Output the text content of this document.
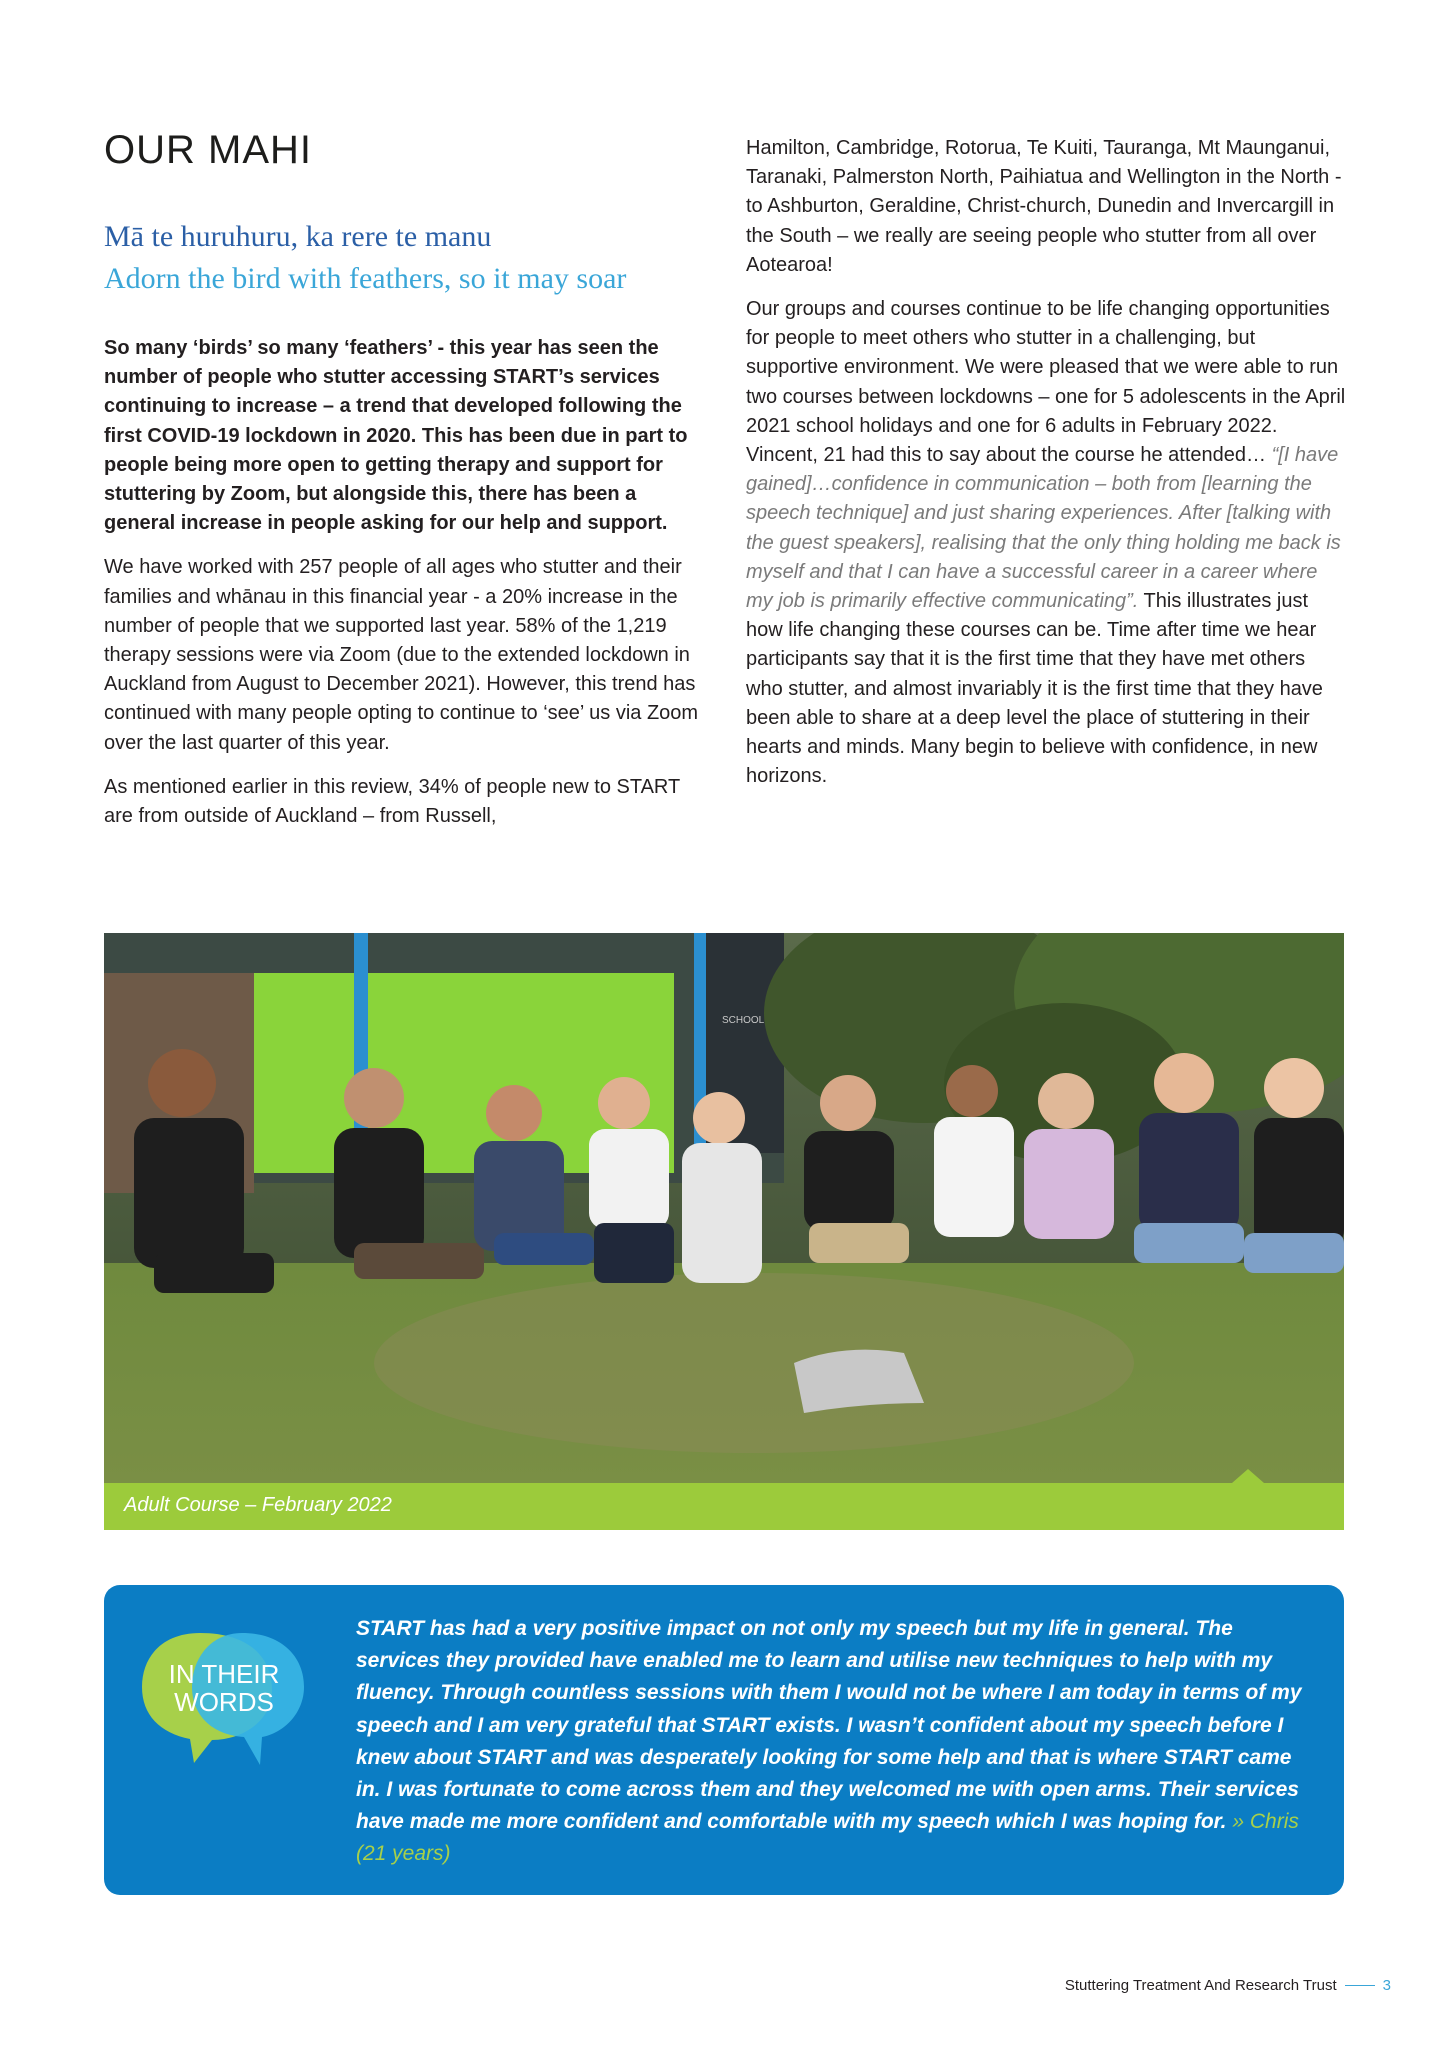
OUR MAHI
Mā te huruhuru, ka rere te manu
Adorn the bird with feathers, so it may soar

So many ‘birds’ so many ‘feathers’ - this year has seen the number of people who stutter accessing START’s services continuing to increase – a trend that developed following the first COVID-19 lockdown in 2020. This has been due in part to people being more open to getting therapy and support for stuttering by Zoom, but alongside this, there has been a general increase in people asking for our help and support.

We have worked with 257 people of all ages who stutter and their families and whānau in this financial year - a 20% increase in the number of people that we supported last year. 58% of the 1,219 therapy sessions were via Zoom (due to the extended lockdown in Auckland from August to December 2021). However, this trend has continued with many people opting to continue to ‘see’ us via Zoom over the last quarter of this year.

As mentioned earlier in this review, 34% of people new to START are from outside of Auckland – from Russell,

Hamilton, Cambridge, Rotorua, Te Kuiti, Tauranga, Mt Maunganui, Taranaki, Palmerston North, Paihiatua and Wellington in the North - to Ashburton, Geraldine, Christ-church, Dunedin and Invercargill in the South – we really are seeing people who stutter from all over Aotearoa!

Our groups and courses continue to be life changing opportunities for people to meet others who stutter in a challenging, but supportive environment. We were pleased that we were able to run two courses between lockdowns – one for 5 adolescents in the April 2021 school holidays and one for 6 adults in February 2022. Vincent, 21 had this to say about the course he attended… “[I have gained]…confidence in communication – both from [learning the speech technique] and just sharing experiences. After [talking with the guest speakers], realising that the only thing holding me back is myself and that I can have a successful career in a career where my job is primarily effective communicating”. This illustrates just how life changing these courses can be. Time after time we hear participants say that it is the first time that they have met others who stutter, and almost invariably it is the first time that they have been able to share at a deep level the place of stuttering in their hearts and minds. Many begin to believe with confidence, in new horizons.

SCHOOL
Adult Course – February 2022
IN THEIR
WORDS
START has had a very positive impact on not only my speech but my life in general. The services they provided have enabled me to learn and utilise new techniques to help with my fluency. Through countless sessions with them I would not be where I am today in terms of my speech and I am very grateful that START exists. I wasn’t confident about my speech before I knew about START and was desperately looking for some help and that is where START came in. I was fortunate to come across them and they welcomed me with open arms. Their services have made me more confident and comfortable with my speech which I was hoping for. » Chris (21 years)
Stuttering Treatment And Research Trust	3
